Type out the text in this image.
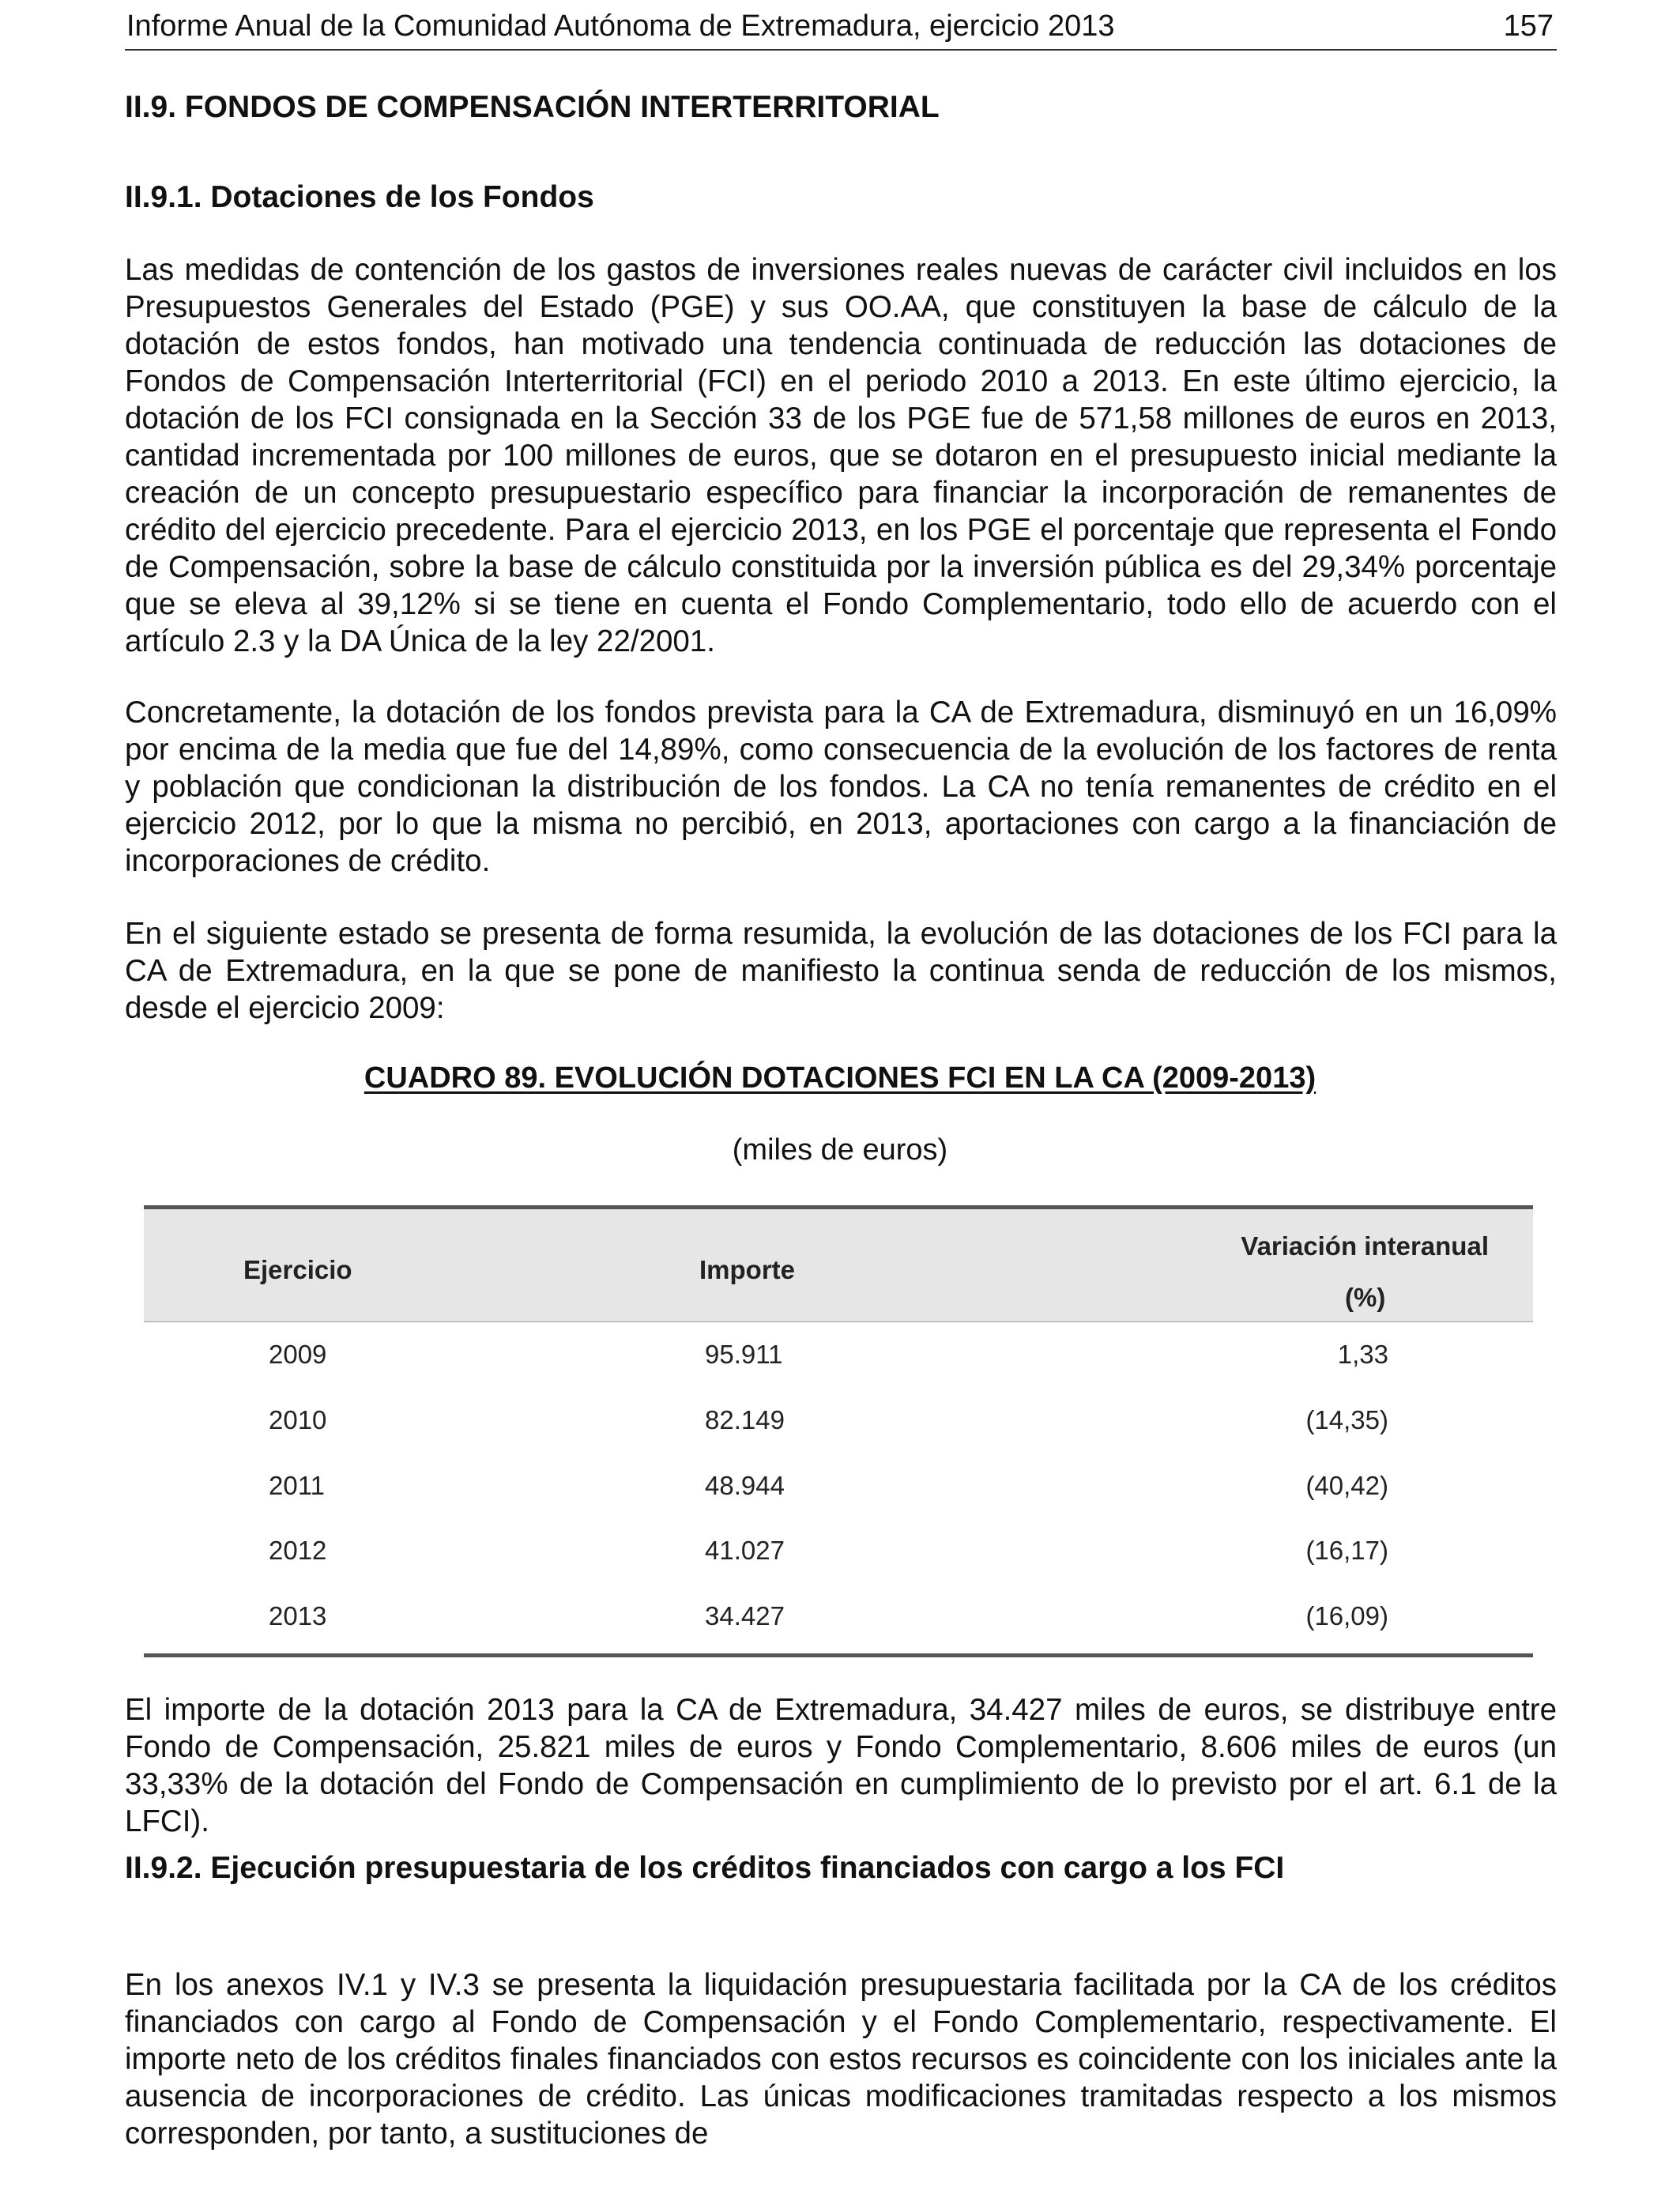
Informe Anual de la Comunidad Autónoma de Extremadura, ejercicio 2013	157
II.9. FONDOS DE COMPENSACIÓN INTERTERRITORIAL
II.9.1. Dotaciones de los Fondos

Las medidas de contención de los gastos de inversiones reales nuevas de carácter civil incluidos en los Presupuestos Generales del Estado (PGE) y sus OO.AA, que constituyen la base de cálculo de la dotación de estos fondos, han motivado una tendencia continuada de reducción las dotaciones de Fondos de Compensación Interterritorial (FCI) en el periodo 2010 a 2013. En este último ejercicio, la dotación de los FCI consignada en la Sección 33 de los PGE fue de 571,58 millones de euros en 2013, cantidad incrementada por 100 millones de euros, que se dotaron en el presupuesto inicial mediante la creación de un concepto presupuestario específico para financiar la incorporación de remanentes de crédito del ejercicio precedente. Para el ejercicio 2013, en los PGE el porcentaje que representa el Fondo de Compensación, sobre la base de cálculo constituida por la inversión pública es del 29,34% porcentaje que se eleva al 39,12% si se tiene en cuenta el Fondo Complementario, todo ello de acuerdo con el artículo 2.3 y la DA Única de la ley 22/2001.

Concretamente, la dotación de los fondos prevista para la CA de Extremadura, disminuyó en un 16,09% por encima de la media que fue del 14,89%, como consecuencia de la evolución de los factores de renta y población que condicionan la distribución de los fondos. La CA no tenía remanentes de crédito en el ejercicio 2012, por lo que la misma no percibió, en 2013, aportaciones con cargo a la financiación de incorporaciones de crédito.

En el siguiente estado se presenta de forma resumida, la evolución de las dotaciones de los FCI para la CA de Extremadura, en la que se pone de manifiesto la continua senda de reducción de los mismos, desde el ejercicio 2009:

CUADRO 89. EVOLUCIÓN DOTACIONES FCI EN LA CA (2009-2013)
(miles de euros)
Ejercicio	Importe
Variación interanual
(%)
2009	95.911	1,33
2010	82.149	(14,35)
2011	48.944	(40,42)
2012	41.027	(16,17)
2013	34.427	(16,09)

El importe de la dotación 2013 para la CA de Extremadura, 34.427 miles de euros, se distribuye entre Fondo de Compensación, 25.821 miles de euros y Fondo Complementario, 8.606 miles de euros (un 33,33% de la dotación del Fondo de Compensación en cumplimiento de lo previsto por el art. 6.1 de la LFCI).

II.9.2. Ejecución presupuestaria de los créditos financiados con cargo a los FCI

En los anexos IV.1 y IV.3 se presenta la liquidación presupuestaria facilitada por la CA de los créditos financiados con cargo al Fondo de Compensación y el Fondo Complementario, respectivamente. El importe neto de los créditos finales financiados con estos recursos es coincidente con los iniciales ante la ausencia de incorporaciones de crédito. Las únicas modificaciones tramitadas respecto a los mismos corresponden, por tanto, a sustituciones de
